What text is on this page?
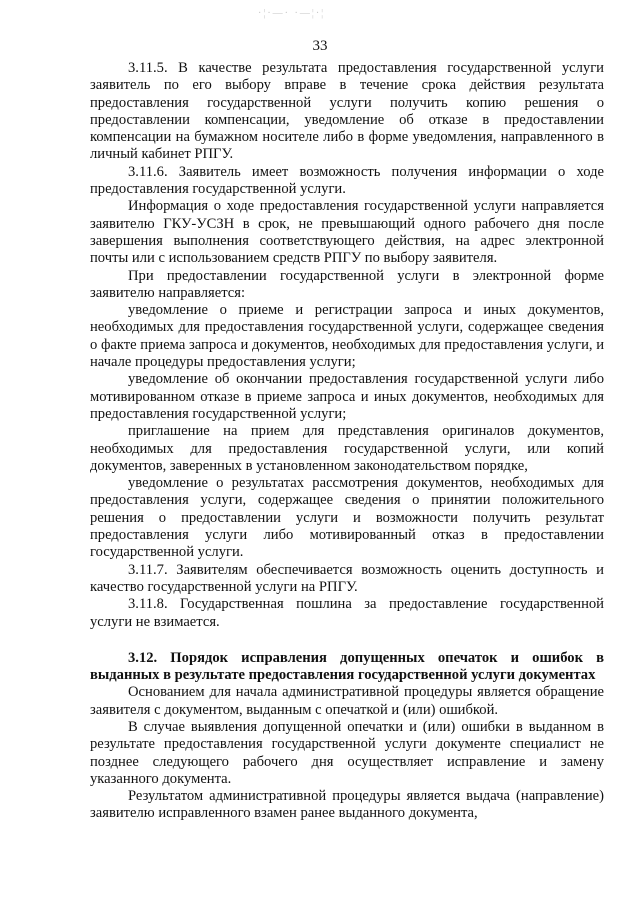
·¦·—· ·—¦·¦
33

3.11.5. В качестве результата предоставления государственной услуги заявитель по его выбору вправе в течение срока действия результата предоставления государственной услуги получить копию решения о предоставлении компенсации, уведомление об отказе в предоставлении компенсации на бумажном носителе либо в форме уведомления, направленного в личный кабинет РПГУ.

3.11.6. Заявитель имеет возможность получения информации о ходе предоставления государственной услуги.

Информация о ходе предоставления государственной услуги направляется заявителю ГКУ-УСЗН в срок, не превышающий одного рабочего дня после завершения выполнения соответствующего действия, на адрес электронной почты или с использованием средств РПГУ по выбору заявителя.

При предоставлении государственной услуги в электронной форме заявителю направляется:

уведомление о приеме и регистрации запроса и иных документов, необходимых для предоставления государственной услуги, содержащее сведения о факте приема запроса и документов, необходимых для предоставления услуги, и начале процедуры предоставления услуги;

уведомление об окончании предоставления государственной услуги либо мотивированном отказе в приеме запроса и иных документов, необходимых для предоставления государственной услуги;

приглашение на прием для представления оригиналов документов, необходимых для предоставления государственной услуги, или копий документов, заверенных в установленном законодательством порядке,

уведомление о результатах рассмотрения документов, необходимых для предоставления услуги, содержащее сведения о принятии положительного решения о предоставлении услуги и возможности получить результат предоставления услуги либо мотивированный отказ в предоставлении государственной услуги.

3.11.7. Заявителям обеспечивается возможность оценить доступность и качество государственной услуги на РПГУ.

3.11.8. Государственная пошлина за предоставление государственной услуги не взимается.

3.12. Порядок исправления допущенных опечаток и ошибок в выданных в результате предоставления государственной услуги документах

Основанием для начала административной процедуры является обращение заявителя с документом, выданным с опечаткой и (или) ошибкой.

В случае выявления допущенной опечатки и (или) ошибки в выданном в результате предоставления государственной услуги документе специалист не позднее следующего рабочего дня осуществляет исправление и замену указанного документа.

Результатом административной процедуры является выдача (направление) заявителю исправленного взамен ранее выданного документа,
